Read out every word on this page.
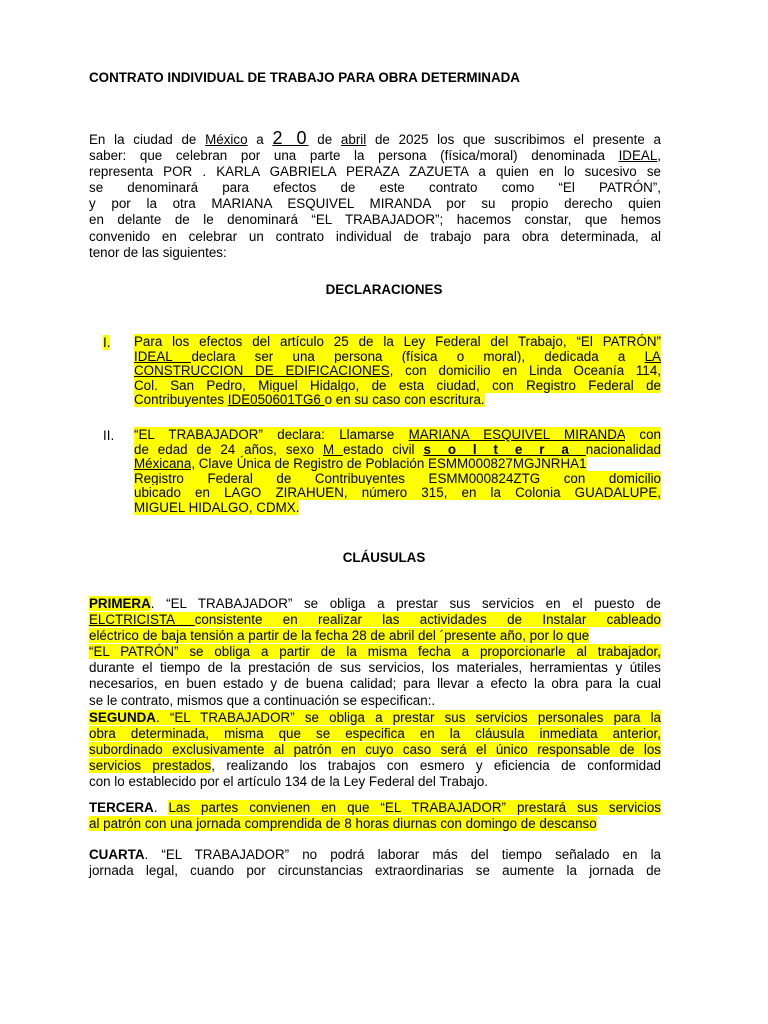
CONTRATO INDIVIDUAL DE TRABAJO PARA OBRA DETERMINADA
En la ciudad de México a 2 0 de abril de 2025 los que suscribimos el presente a
saber: que celebran por una parte la persona (física/moral) denominada IDEAL,
representa POR . KARLA GABRIELA PERAZA ZAZUETA a quien en lo sucesivo se
se denominará para efectos de este contrato como “El PATRÓN”,
y por la otra MARIANA ESQUIVEL MIRANDA por su propio derecho quien
en delante de le denominará “EL TRABAJADOR”; hacemos constar, que hemos
convenido en celebrar un contrato individual de trabajo para obra determinada, al
tenor de las siguientes:
DECLARACIONES
I. Para los efectos del artículo 25 de la Ley Federal del Trabajo, “El PATRÓN”
IDEAL declara ser una persona (física o moral), dedicada a LA
CONSTRUCCION DE EDIFICACIONES, con domicilio en Linda Oceanía 114,
Col. San Pedro, Miguel Hidalgo, de esta ciudad, con Registro Federal de
Contribuyentes IDE050601TG6 o en su caso con escritura.
II. “EL TRABAJADOR” declara: Llamarse MARIANA ESQUIVEL MIRANDA con
de edad de 24 años, sexo M estado civil s o l t e r a nacionalidad
Méxicana, Clave Única de Registro de Población ESMM000827MGJNRHA1
Registro Federal de Contribuyentes ESMM000824ZTG con domicilio
ubicado en LAGO ZIRAHUEN, número 315, en la Colonia GUADALUPE,
MIGUEL HIDALGO, CDMX.
CLÁUSULAS
PRIMERA. “EL TRABAJADOR” se obliga a prestar sus servicios en el puesto de
ELCTRICISTA consistente en realizar las actividades de Instalar cableado
eléctrico de baja tensión a partir de la fecha 28 de abril del ´presente año, por lo que
“EL PATRÓN” se obliga a partir de la misma fecha a proporcionarle al trabajador,
durante el tiempo de la prestación de sus servicios, los materiales, herramientas y útiles
necesarios, en buen estado y de buena calidad; para llevar a efecto la obra para la cual
se le contrato, mismos que a continuación se especifican:.
SEGUNDA. “EL TRABAJADOR” se obliga a prestar sus servicios personales para la
obra determinada, misma que se especifica en la cláusula inmediata anterior,
subordinado exclusivamente al patrón en cuyo caso será el único responsable de los
servicios prestados, realizando los trabajos con esmero y eficiencia de conformidad
con lo establecido por el artículo 134 de la Ley Federal del Trabajo.
TERCERA. Las partes convienen en que “EL TRABAJADOR” prestará sus servicios
al patrón con una jornada comprendida de 8 horas diurnas con domingo de descanso
CUARTA. “EL TRABAJADOR” no podrá laborar más del tiempo señalado en la
jornada legal, cuando por circunstancias extraordinarias se aumente la jornada de
